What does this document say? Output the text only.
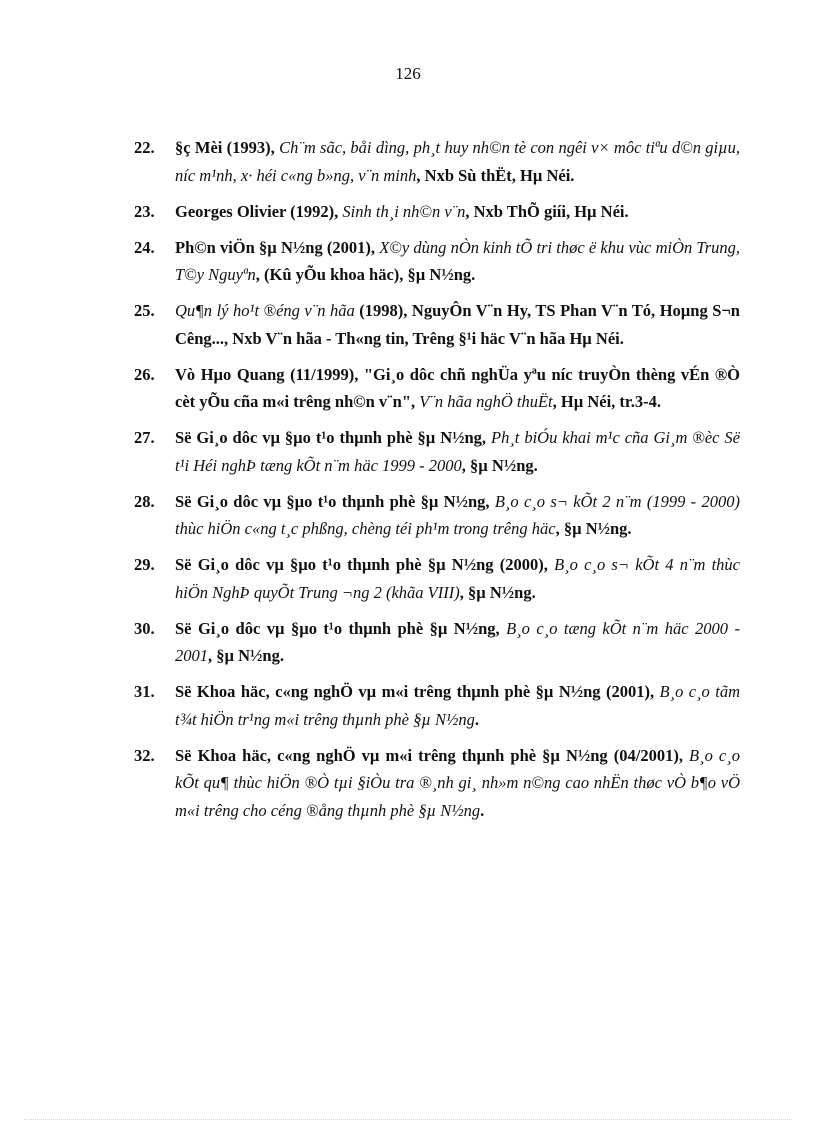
126
22.	§ç Mèi (1993), Ch¨m sãc, båi dìng, ph¸t huy nh©n tè con ngêi v× môc tiªu d©n giµu, níc m¹nh, x· héi c«ng b»ng, v¨n minh, Nxb Sù thËt, Hµ Néi.
23.	Georges Olivier (1992), Sinh th¸i nh©n v¨n, Nxb ThÕ giíi, Hµ Néi.
24.	Ph©n viÖn §µ N½ng (2001), X©y dùng nÒn kinh tÕ tri thøc ë khu vùc miÒn Trung, T©y Nguyªn, (Kû yÕu khoa häc), §µ N½ng.
25.	Qu¶n lý ho¹t ®éng v¨n hãa (1998), NguyÔn V¨n Hy, TS Phan V¨n Tó, Hoµng S¬n Cêng..., Nxb V¨n hãa - Th«ng tin, Trêng §¹i häc V¨n hãa Hµ Néi.
26.	Vò Hµo Quang (11/1999), "Gi¸o dôc chñ nghÜa yªu níc truyÒn thèng vÉn ®Ò cèt yÕu cña m«i trêng nh©n v¨n", V¨n hãa nghÖ thuËt, Hµ Néi, tr.3-4.
27.	Së Gi¸o dôc vµ §µo t¹o thµnh phè §µ N½ng, Ph¸t biÓu khai m¹c cña Gi¸m ®èc Së t¹i Héi nghÞ tæng kÕt n¨m häc 1999 - 2000, §µ N½ng.
28.	Së Gi¸o dôc vµ §µo t¹o thµnh phè §µ N½ng, B¸o c¸o s¬ kÕt 2 n¨m (1999 - 2000) thùc hiÖn c«ng t¸c phßng, chèng téi ph¹m trong trêng häc, §µ N½ng.
29.	Së Gi¸o dôc vµ §µo t¹o thµnh phè §µ N½ng (2000), B¸o c¸o s¬ kÕt 4 n¨m thùc hiÖn NghÞ quyÕt Trung ¬ng 2 (khãa VIII), §µ N½ng.
30.	Së Gi¸o dôc vµ §µo t¹o thµnh phè §µ N½ng, B¸o c¸o tæng kÕt n¨m häc 2000 - 2001, §µ N½ng.
31.	Së Khoa häc, c«ng nghÖ vµ m«i trêng thµnh phè §µ N½ng (2001), B¸o c¸o tãm t¾t hiÖn tr¹ng m«i trêng thµnh phè §µ N½ng.
32.	Së Khoa häc, c«ng nghÖ vµ m«i trêng thµnh phè §µ N½ng (04/2001), B¸o c¸o kÕt qu¶ thùc hiÖn ®Ò tµi §iÒu tra ®¸nh gi¸ nh»m n©ng cao nhËn thøc vÒ b¶o vÖ m«i trêng cho céng ®ång thµnh phè §µ N½ng.
